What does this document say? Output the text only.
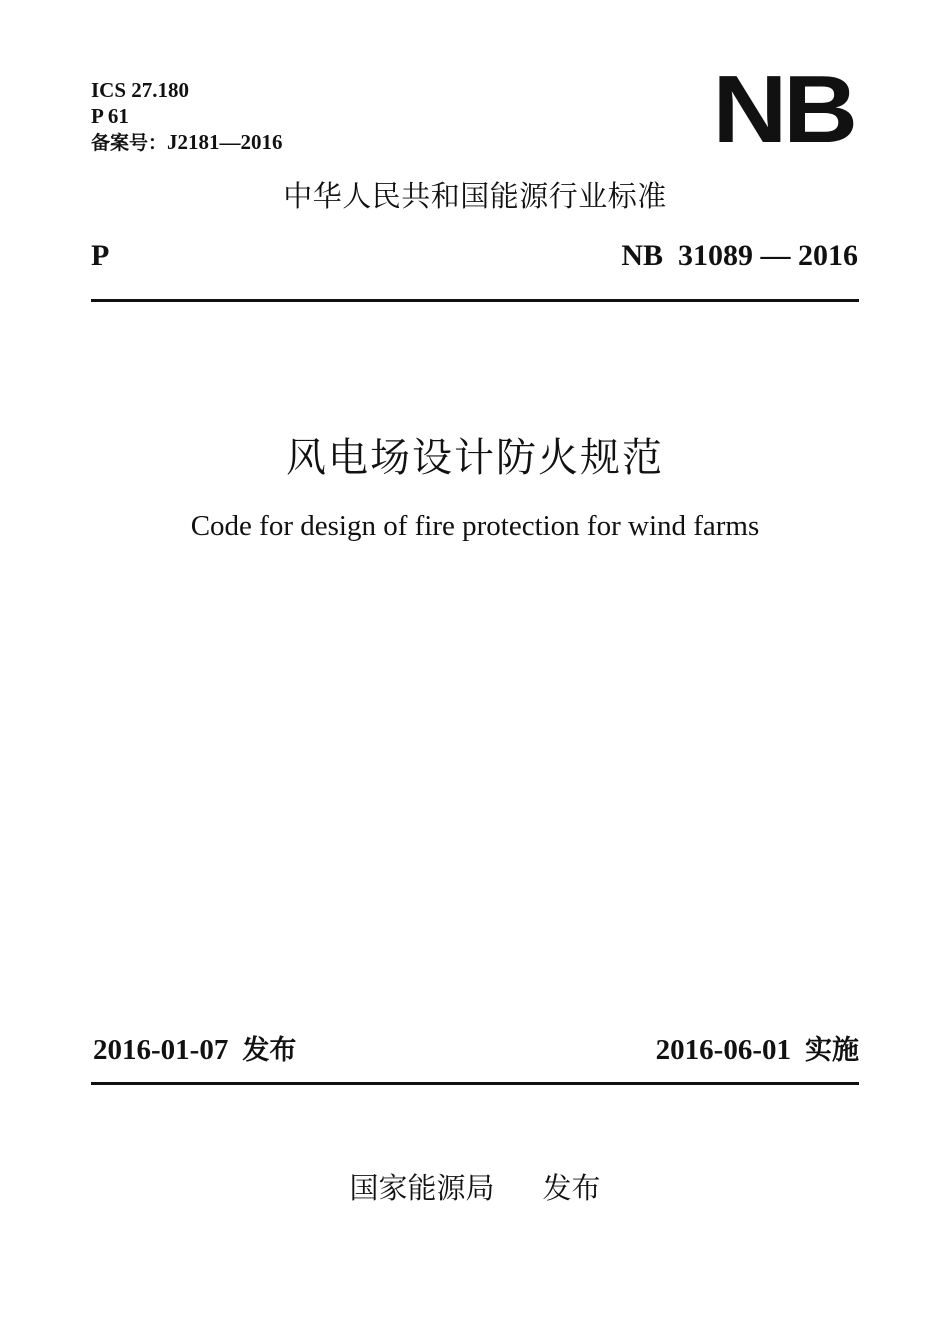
ICS 27.180
P 61
备案号：J2181—2016	NB
中华人民共和国能源行业标准
P	NB  31089 — 2016
风电场设计防火规范
Code for design of fire protection for wind farms
2016-01-07 发布	2016-06-01 实施
国家能源局 发布
